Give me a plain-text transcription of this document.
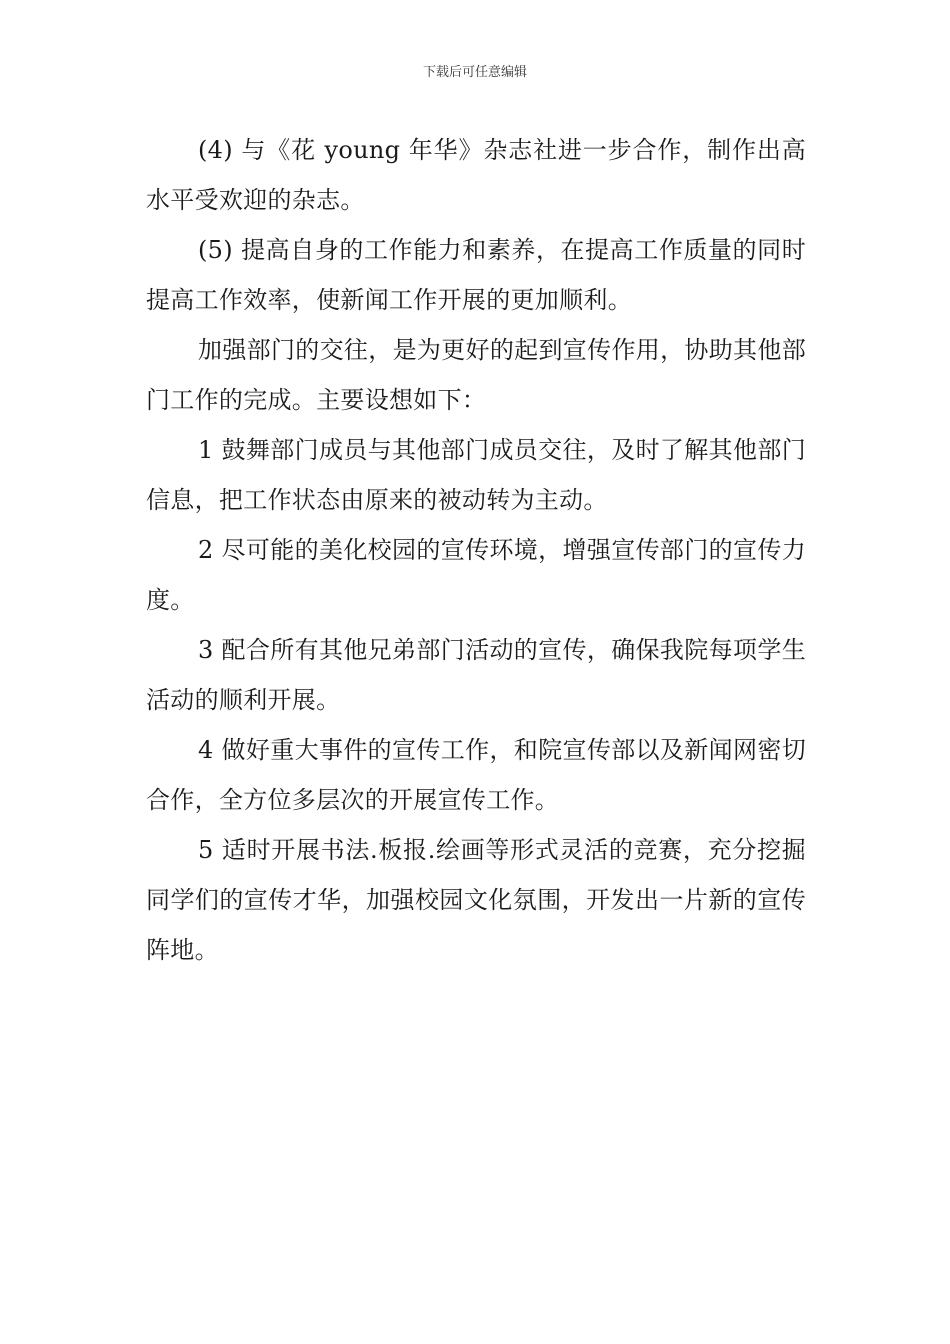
下载后可任意编辑

(4) 与《花 young 年华》杂志社进一步合作，制作出高水平受欢迎的杂志。

(5) 提高自身的工作能力和素养，在提高工作质量的同时提高工作效率，使新闻工作开展的更加顺利。

加强部门的交往，是为更好的起到宣传作用，协助其他部门工作的完成。主要设想如下：

1 鼓舞部门成员与其他部门成员交往，及时了解其他部门信息，把工作状态由原来的被动转为主动。

2 尽可能的美化校园的宣传环境，增强宣传部门的宣传力度。

3 配合所有其他兄弟部门活动的宣传，确保我院每项学生活动的顺利开展。

4 做好重大事件的宣传工作，和院宣传部以及新闻网密切合作，全方位多层次的开展宣传工作。

5 适时开展书法.板报.绘画等形式灵活的竞赛，充分挖掘同学们的宣传才华，加强校园文化氛围，开发出一片新的宣传阵地。
